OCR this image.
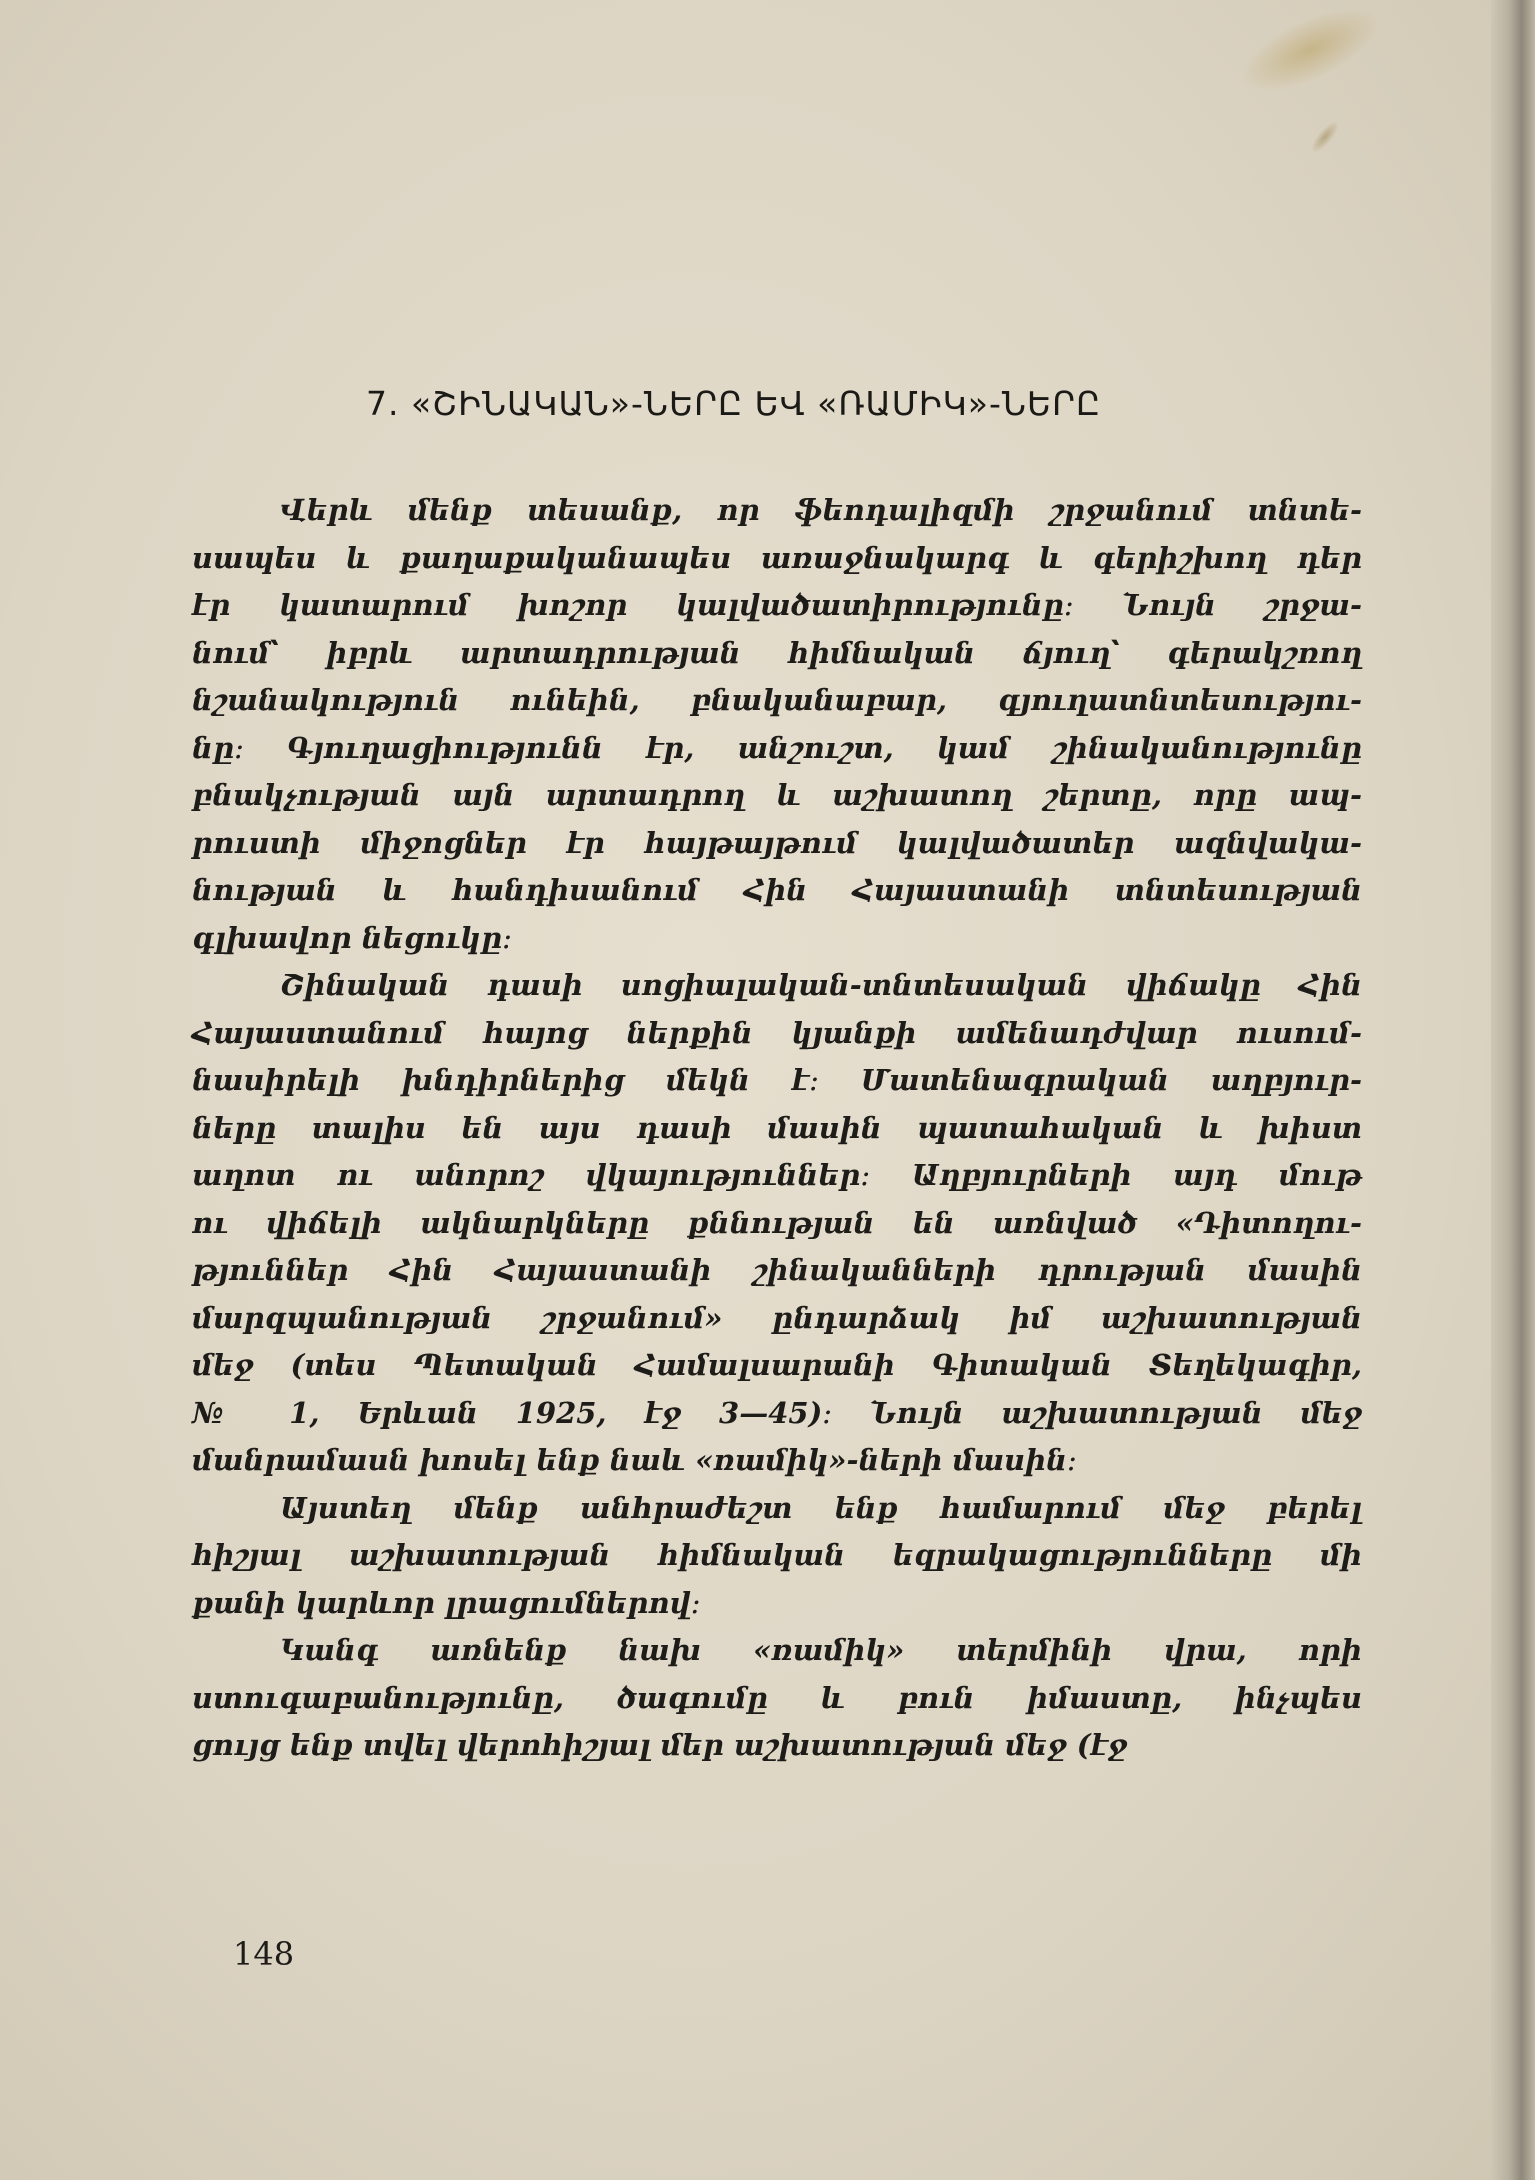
7. «ՇԻՆԱԿԱՆ»-ՆԵՐԸ ԵՎ «ՌԱՄԻԿ»-ՆԵՐԸ
Վերև մենք տեսանք, որ ֆեոդալիզմի շրջանում տնտե-
սապես և քաղաքականապես առաջնակարգ և գերիշխող դեր
էր կատարում խոշոր կալվածատիրությունը։ Նույն շրջա-
նում՝ իբրև արտադրության հիմնական ճյուղ՝ գերակշռող
նշանակություն ունեին, բնականաբար, գյուղատնտեսությու-
նը։ Գյուղացիությունն էր, անշուշտ, կամ շինականությունը
բնակչության այն արտադրող և աշխատող շերտը, որը ապ-
րուստի միջոցներ էր հայթայթում կալվածատեր ազնվակա-
նության և հանդիսանում Հին Հայաստանի տնտեսության
գլխավոր նեցուկը։
Շինական դասի սոցիալական-տնտեսական վիճակը Հին
Հայաստանում հայոց ներքին կյանքի ամենադժվար ուսում-
նասիրելի խնդիրներից մեկն է։ Մատենագրական աղբյուր-
ները տալիս են այս դասի մասին պատահական և խիստ
աղոտ ու անորոշ վկայություններ։ Աղբյուրների այդ մութ
ու վիճելի ակնարկները քննության են առնված «Դիտողու-
թյուններ Հին Հայաստանի շինականների դրության մասին
մարզպանության շրջանում» ընդարձակ իմ աշխատության
մեջ (տես Պետական Համալսարանի Գիտական Տեղեկագիր,
№ 1, Երևան 1925, էջ 3—45)։ Նույն աշխատության մեջ
մանրամասն խոսել ենք նաև «ռամիկ»-ների մասին։
Այստեղ մենք անհրաժեշտ ենք համարում մեջ բերել
հիշյալ աշխատության հիմնական եզրակացությունները մի
քանի կարևոր լրացումներով։
Կանգ առնենք նախ «ռամիկ» տերմինի վրա, որի
ստուգաբանությունը, ծագումը և բուն իմաստը, ինչպես
ցույց ենք տվել վերոհիշյալ մեր աշխատության մեջ (էջ
148
